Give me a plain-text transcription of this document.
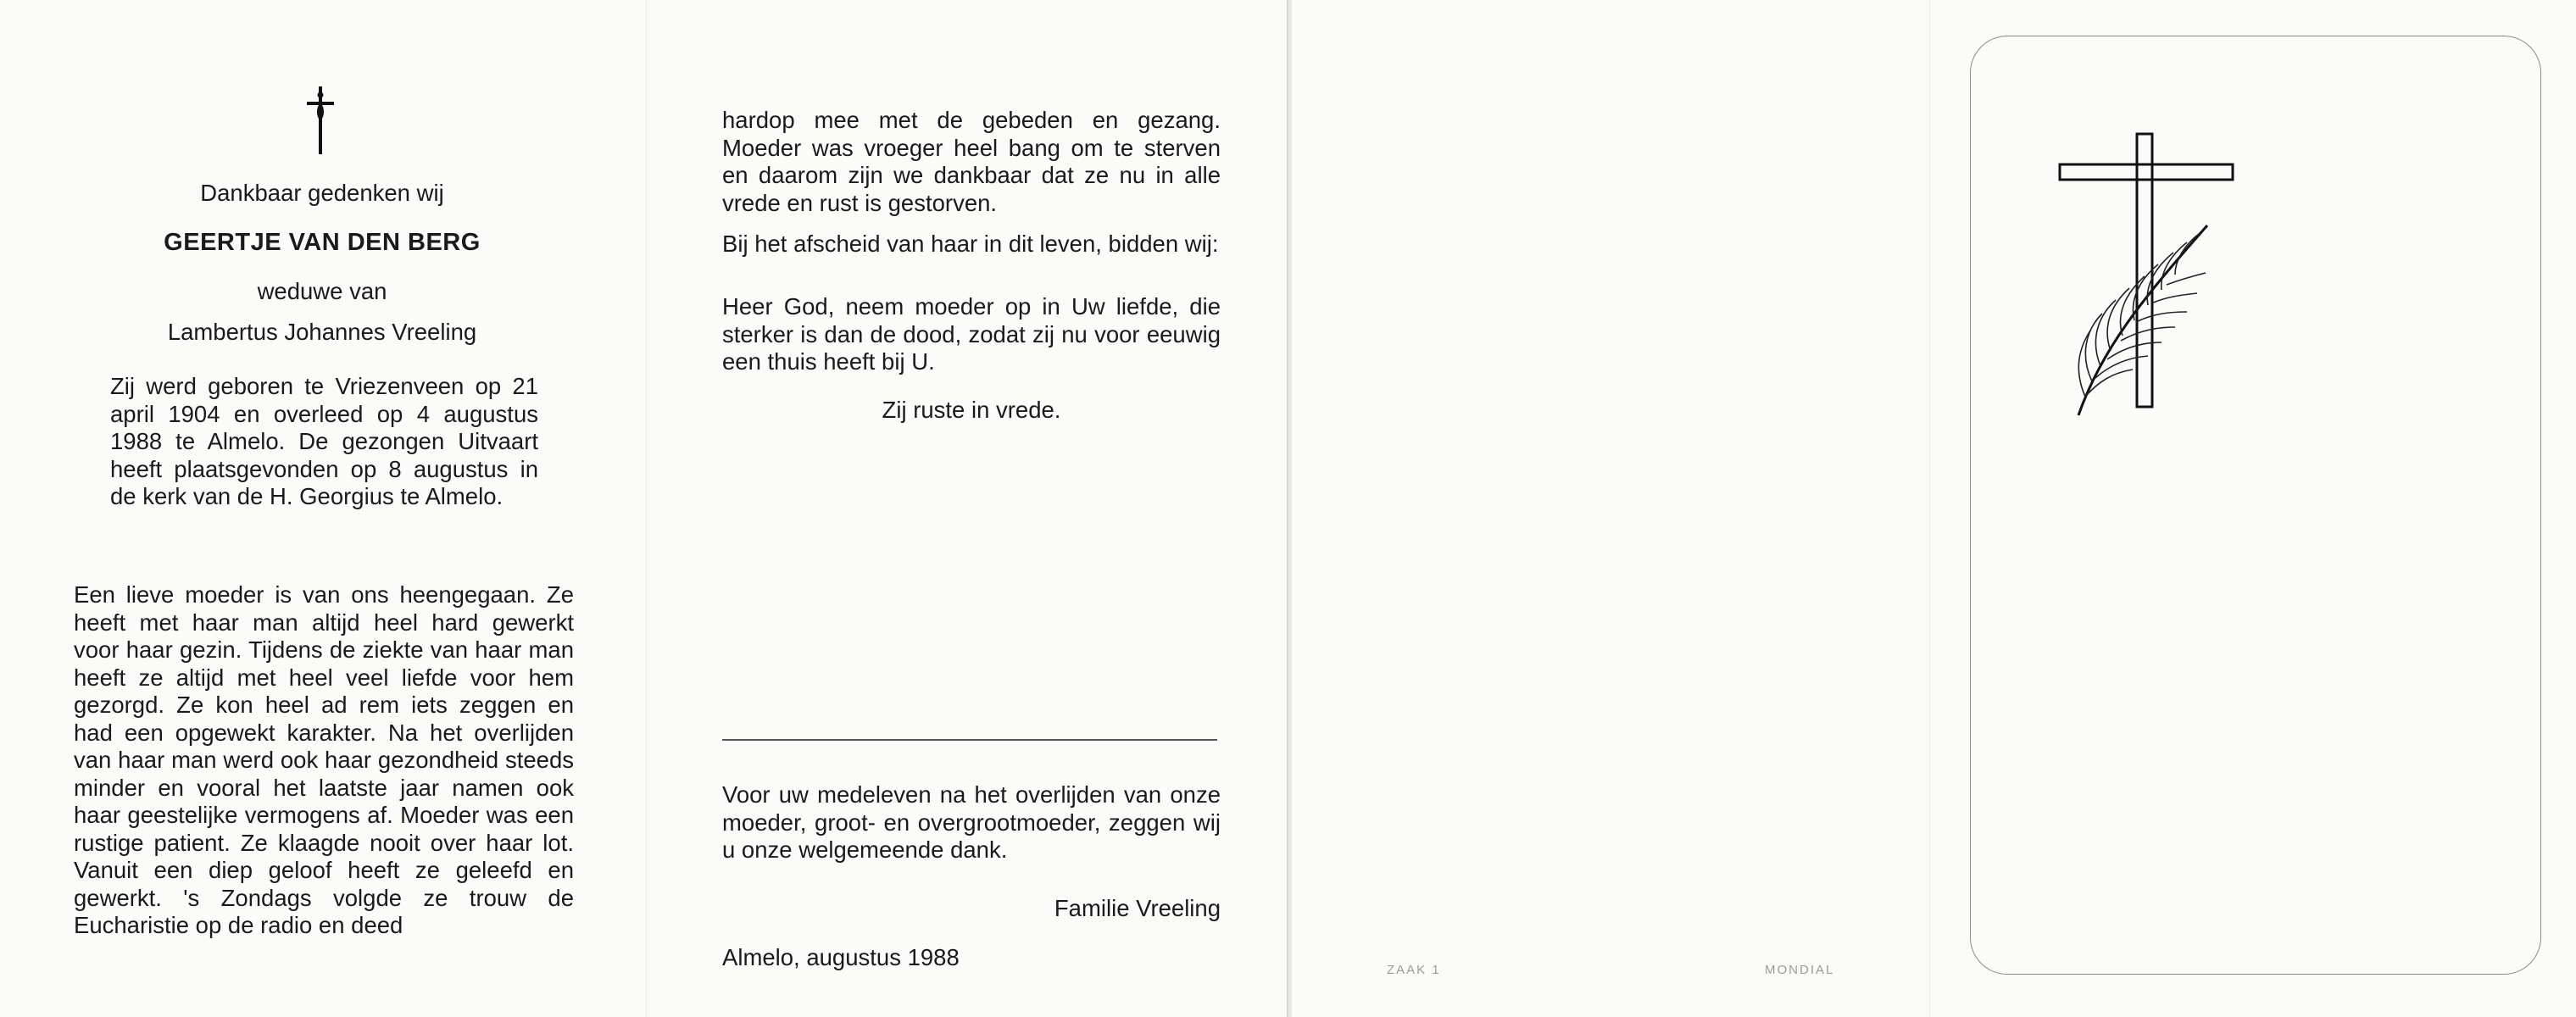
Dankbaar gedenken wij

GEERTJE VAN DEN BERG

weduwe van

Lambertus Johannes Vreeling

Zij werd geboren te Vriezenveen op 21 april 1904 en overleed op 4 augustus 1988 te Almelo. De gezongen Uitvaart heeft plaatsgevonden op 8 augustus in de kerk van de H. Georgius te Almelo.

Een lieve moeder is van ons heengegaan. Ze heeft met haar man altijd heel hard gewerkt voor haar gezin. Tijdens de ziekte van haar man heeft ze altijd met heel veel liefde voor hem gezorgd. Ze kon heel ad rem iets zeggen en had een opgewekt karakter. Na het overlijden van haar man werd ook haar gezondheid steeds minder en vooral het laatste jaar namen ook haar geestelijke vermogens af. Moeder was een rustige patient. Ze klaagde nooit over haar lot. Vanuit een diep geloof heeft ze geleefd en gewerkt. 's Zondags volgde ze trouw de Eucharistie op de radio en deed

hardop mee met de gebeden en gezang. Moeder was vroeger heel bang om te sterven en daarom zijn we dankbaar dat ze nu in alle vrede en rust is gestorven.

Bij het afscheid van haar in dit leven, bidden wij:

Heer God, neem moeder op in Uw liefde, die sterker is dan de dood, zodat zij nu voor eeuwig een thuis heeft bij U.

Zij ruste in vrede.

Voor uw medeleven na het overlijden van onze moeder, groot- en overgrootmoeder, zeggen wij u onze welgemeende dank.

Familie Vreeling

Almelo, augustus 1988	ZAAK 1	MONDIAL
